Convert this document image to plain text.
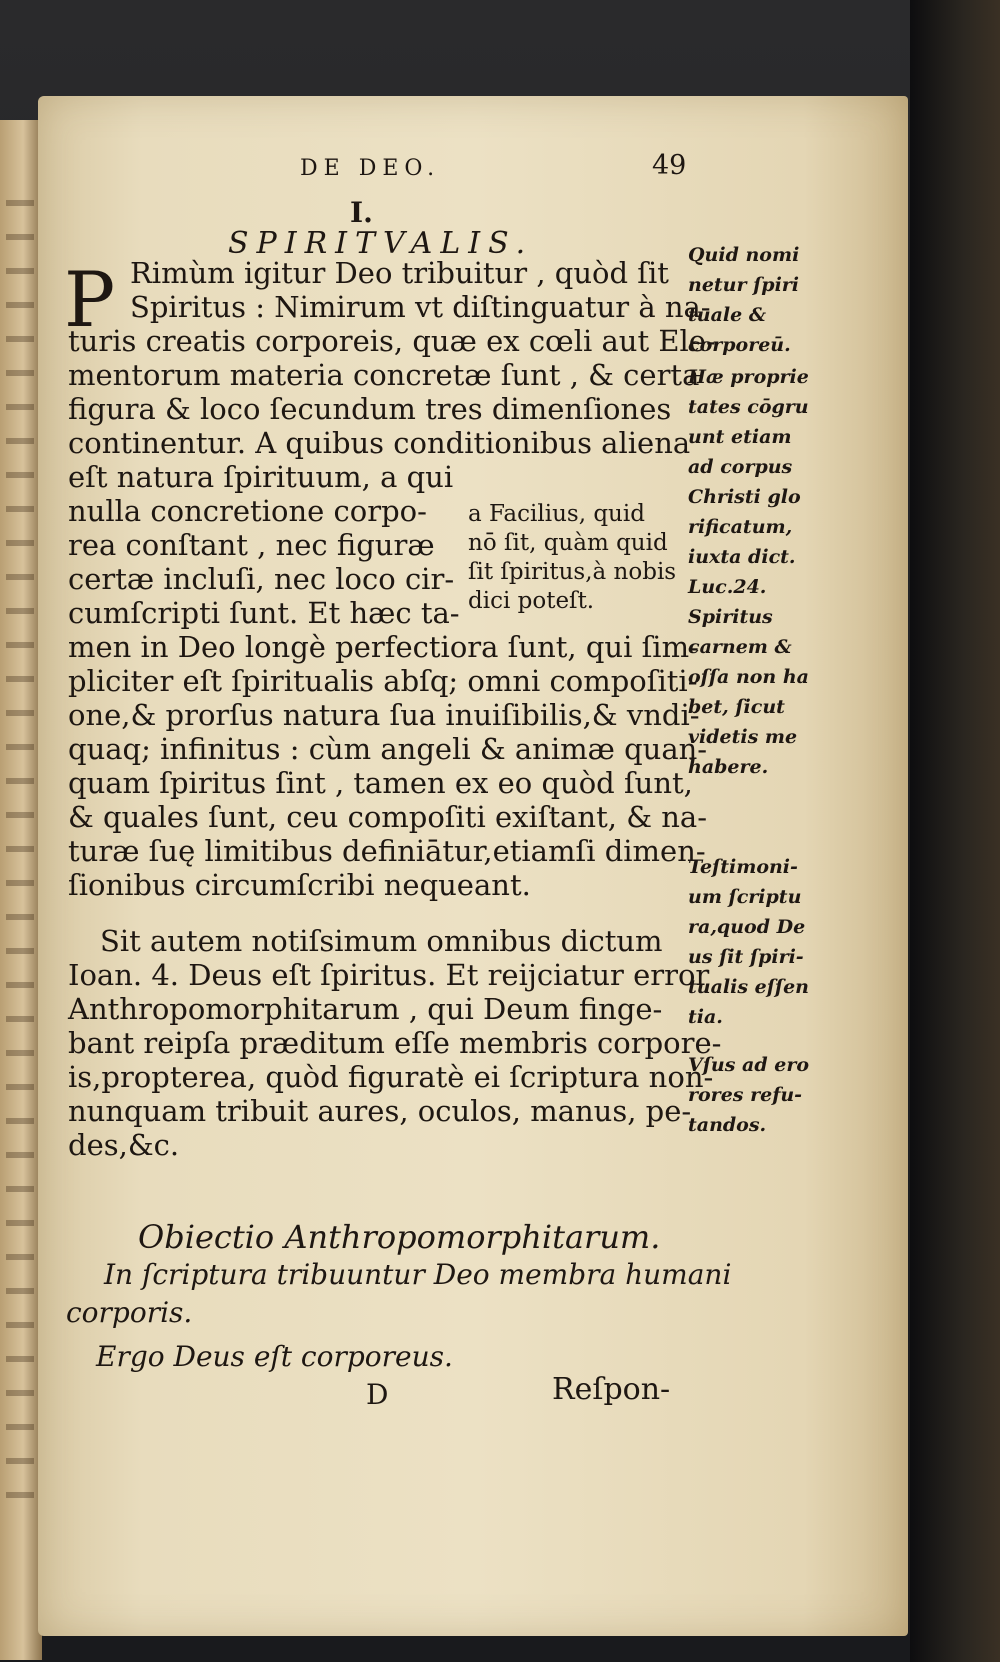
DE DEO.	49
I.
SPIRITVALIS.
P Rimùm igitur Deo tribuitur , quòd ſit
Spiritus : Nimirum vt diſtinguatur à na-
turis creatis corporeis, quæ ex cœli aut Ele-
mentorum materia concretæ ſunt , & certa
figura & loco ſecundum tres dimenſiones
continentur. A quibus conditionibus aliena
eſt natura ſpirituum, a qui
nulla concretione corpo-
rea conſtant , nec figuræ
certæ incluſi, nec loco cir-
cumſcripti ſunt. Et hæc ta-
men in Deo longè perfectiora ſunt, qui ſim-
pliciter eſt ſpiritualis abſq; omni compoſiti-
one,& prorſus natura ſua inuiſibilis,& vndi-
quaq; infinitus : cùm angeli & animæ quan-
quam ſpiritus ſint , tamen ex eo quòd ſunt,
& quales ſunt, ceu compoſiti exiſtant, & na-
turæ ſuę limitibus definiātur,etiamſi dimen-
ſionibus circumſcribi nequeant.
Sit autem notiſsimum omnibus dictum
Ioan. 4. Deus eſt ſpiritus. Et reijciatur error
Anthropomorphitarum , qui Deum finge-
bant reipſa præditum eſſe membris corpore-
is,propterea, quòd figuratè ei ſcriptura non-
nunquam tribuit aures, oculos, manus, pe-
des,&c.
a Facilius, quid
nō ſit, quàm quid
ſit ſpiritus,à nobis
dici poteſt.
Quid nomi
netur ſpiri
tuale &
corporeū.
Hæ proprie
tates cōgru
unt etiam
ad corpus
Christi glo
rificatum,
iuxta dict.
Luc.24.
Spiritus
carnem &
oſſa non ha
bet, ſicut
videtis me
habere.
Teſtimoni-
um ſcriptu
ra,quod De
us ſit ſpiri-
tualis eſſen
tia.
Vſus ad ero
rores refu-
tandos.
Obiectio Anthropomorphitarum.
In ſcriptura tribuuntur Deo membra humani
corporis.
Ergo Deus eſt corporeus.
D	Reſpon-
